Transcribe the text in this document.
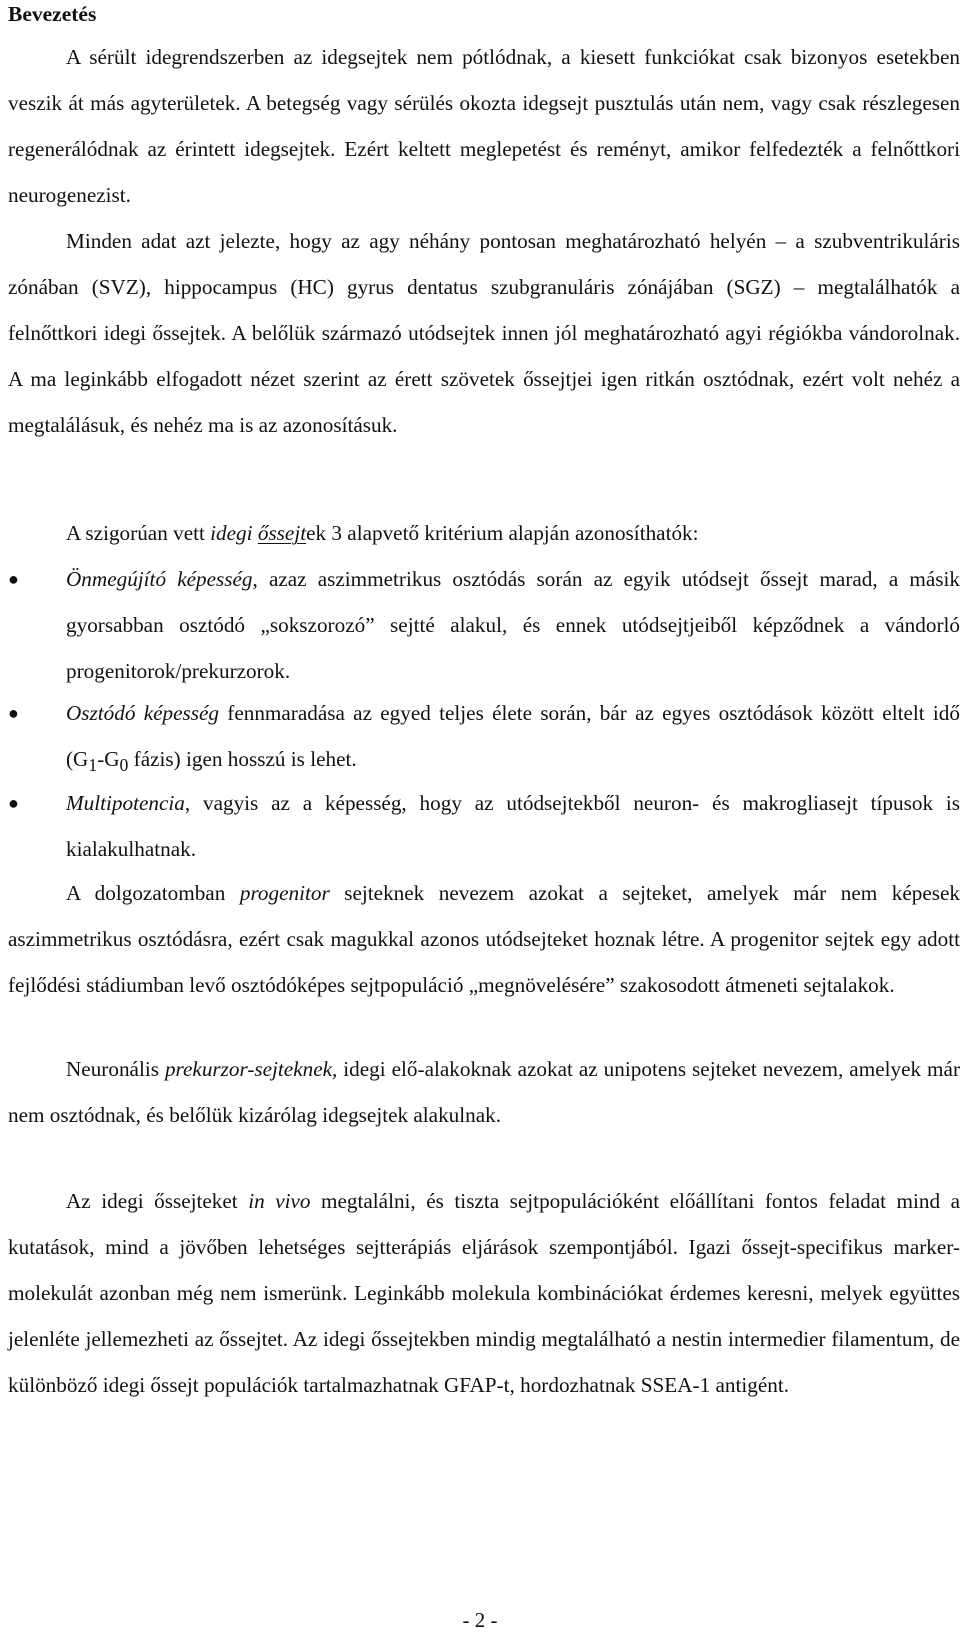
Bevezetés

A sérült idegrendszerben az idegsejtek nem pótlódnak, a kiesett funkciókat csak bizonyos esetekben veszik át más agyterületek. A betegség vagy sérülés okozta idegsejt pusztulás után nem, vagy csak részlegesen regenerálódnak az érintett idegsejtek. Ezért keltett meglepetést és reményt, amikor felfedezték a felnőttkori neurogenezist.

Minden adat azt jelezte, hogy az agy néhány pontosan meghatározható helyén – a szubventrikuláris zónában (SVZ), hippocampus (HC) gyrus dentatus szubgranuláris zónájában (SGZ) – megtalálhatók a felnőttkori idegi őssejtek. A belőlük származó utódsejtek innen jól meghatározható agyi régiókba vándorolnak. A ma leginkább elfogadott nézet szerint az érett szövetek őssejtjei igen ritkán osztódnak, ezért volt nehéz a megtalálásuk, és nehéz ma is az azonosításuk.

A szigorúan vett idegi őssejtek 3 alapvető kritérium alapján azonosíthatók:

●	Önmegújító képesség, azaz aszimmetrikus osztódás során az egyik utódsejt őssejt marad, a másik gyorsabban osztódó „sokszorozó” sejtté alakul, és ennek utódsejtjeiből képződnek a vándorló progenitorok/prekurzorok.
●	Osztódó képesség fennmaradása az egyed teljes élete során, bár az egyes osztódások között eltelt idő ($G_1-G_0$ fázis) igen hosszú is lehet.
●	Multipotencia, vagyis az a képesség, hogy az utódsejtekből neuron- és makrogliasejt típusok is kialakulhatnak.

A dolgozatomban progenitor sejteknek nevezem azokat a sejteket, amelyek már nem képesek aszimmetrikus osztódásra, ezért csak magukkal azonos utódsejteket hoznak létre. A progenitor sejtek egy adott fejlődési stádiumban levő osztódóképes sejtpopuláció „megnövelésére” szakosodott átmeneti sejtalakok.

Neuronális prekurzor-sejteknek, idegi elő-alakoknak azokat az unipotens sejteket nevezem, amelyek már nem osztódnak, és belőlük kizárólag idegsejtek alakulnak.

Az idegi őssejteket in vivo megtalálni, és tiszta sejtpopulációként előállítani fontos feladat mind a kutatások, mind a jövőben lehetséges sejtterápiás eljárások szempontjából. Igazi őssejt-specifikus marker-molekulát azonban még nem ismerünk. Leginkább molekula kombinációkat érdemes keresni, melyek együttes jelenléte jellemezheti az őssejtet. Az idegi őssejtekben mindig megtalálható a nestin intermedier filamentum, de különböző idegi őssejt populációk tartalmazhatnak GFAP-t, hordozhatnak SSEA-1 antigént.

- 2 -
